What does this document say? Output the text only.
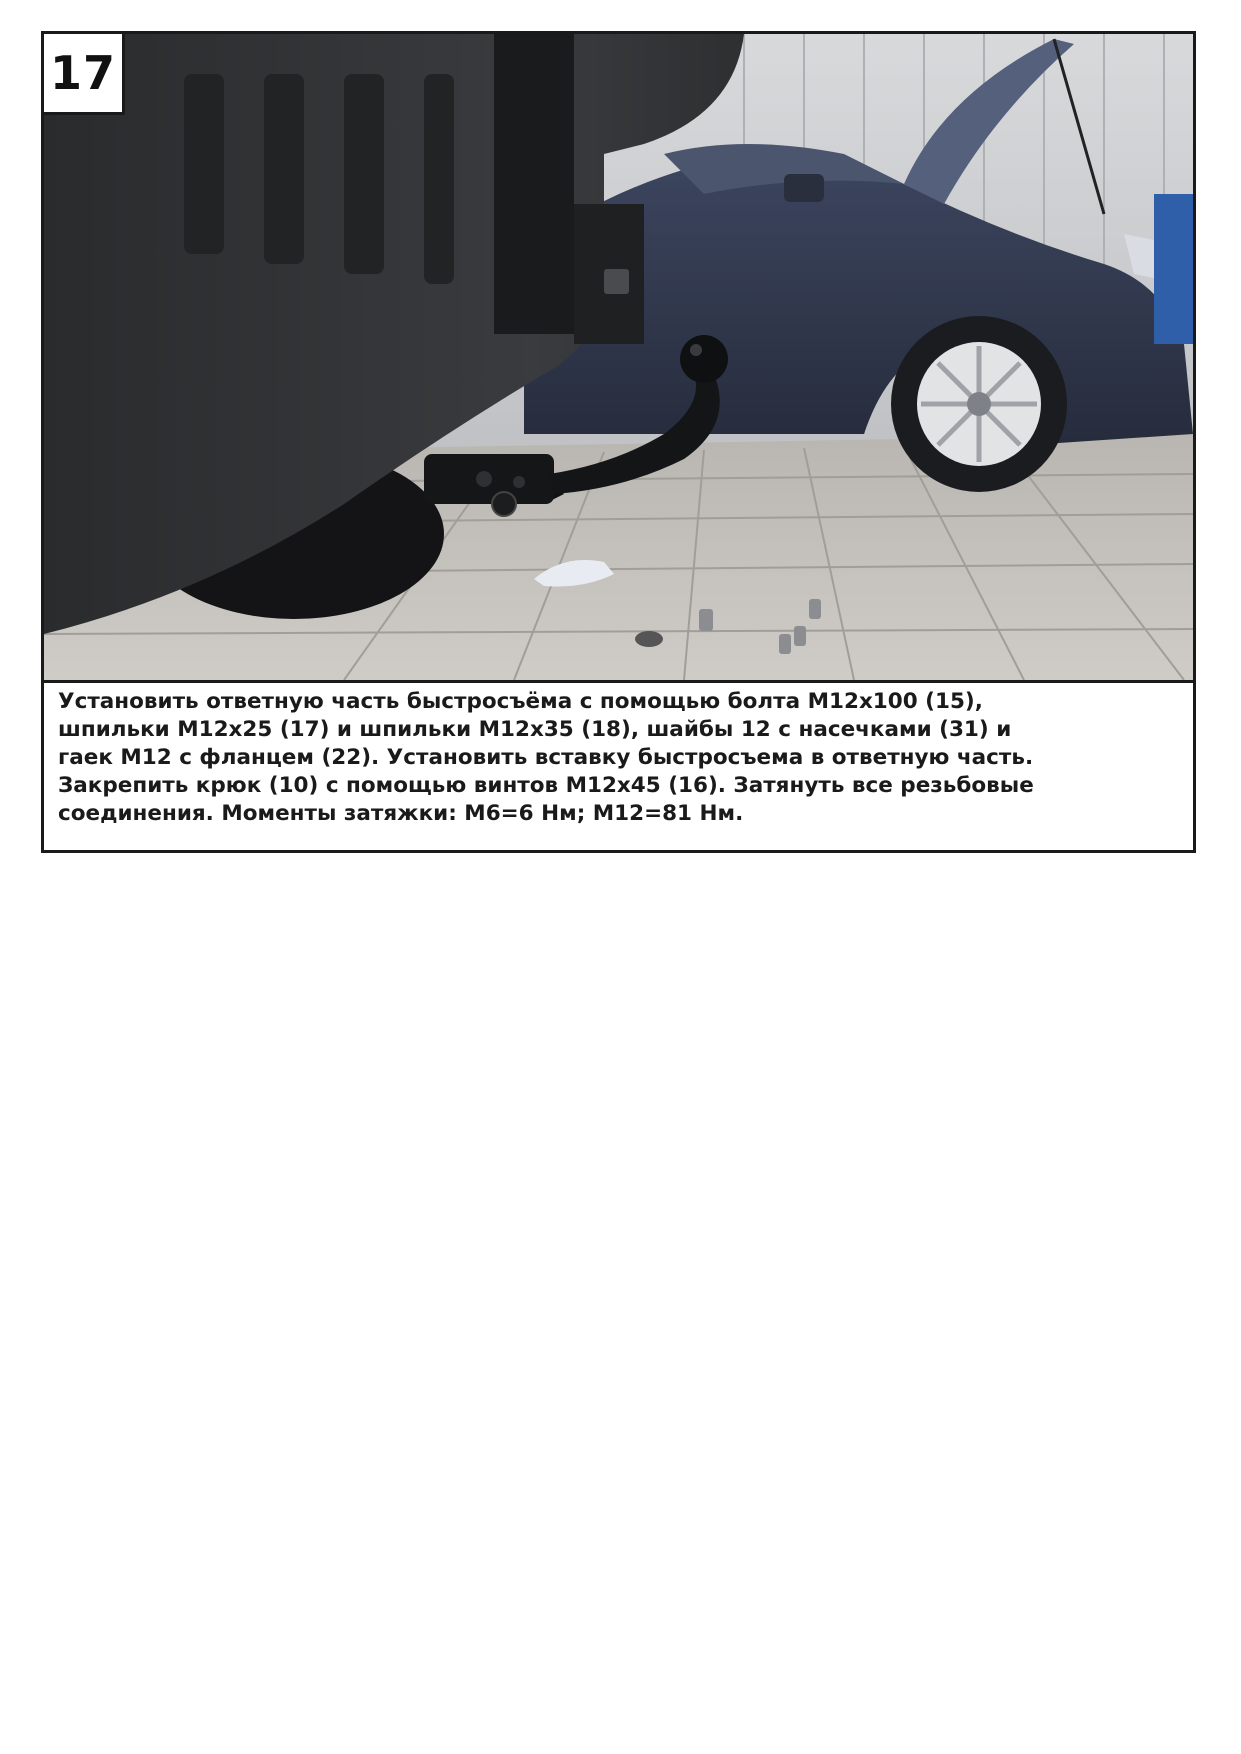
17
Установить ответную часть быстросъёма с помощью болта М12х100 (15),
шпильки М12х25 (17) и шпильки М12х35 (18), шайбы 12 с насечками (31) и
гаек М12 с фланцем (22). Установить вставку быстросъема в ответную часть.
Закрепить крюк (10) с помощью винтов М12х45 (16). Затянуть все резьбовые
соединения. Моменты затяжки: М6=6 Нм; М12=81 Нм.
